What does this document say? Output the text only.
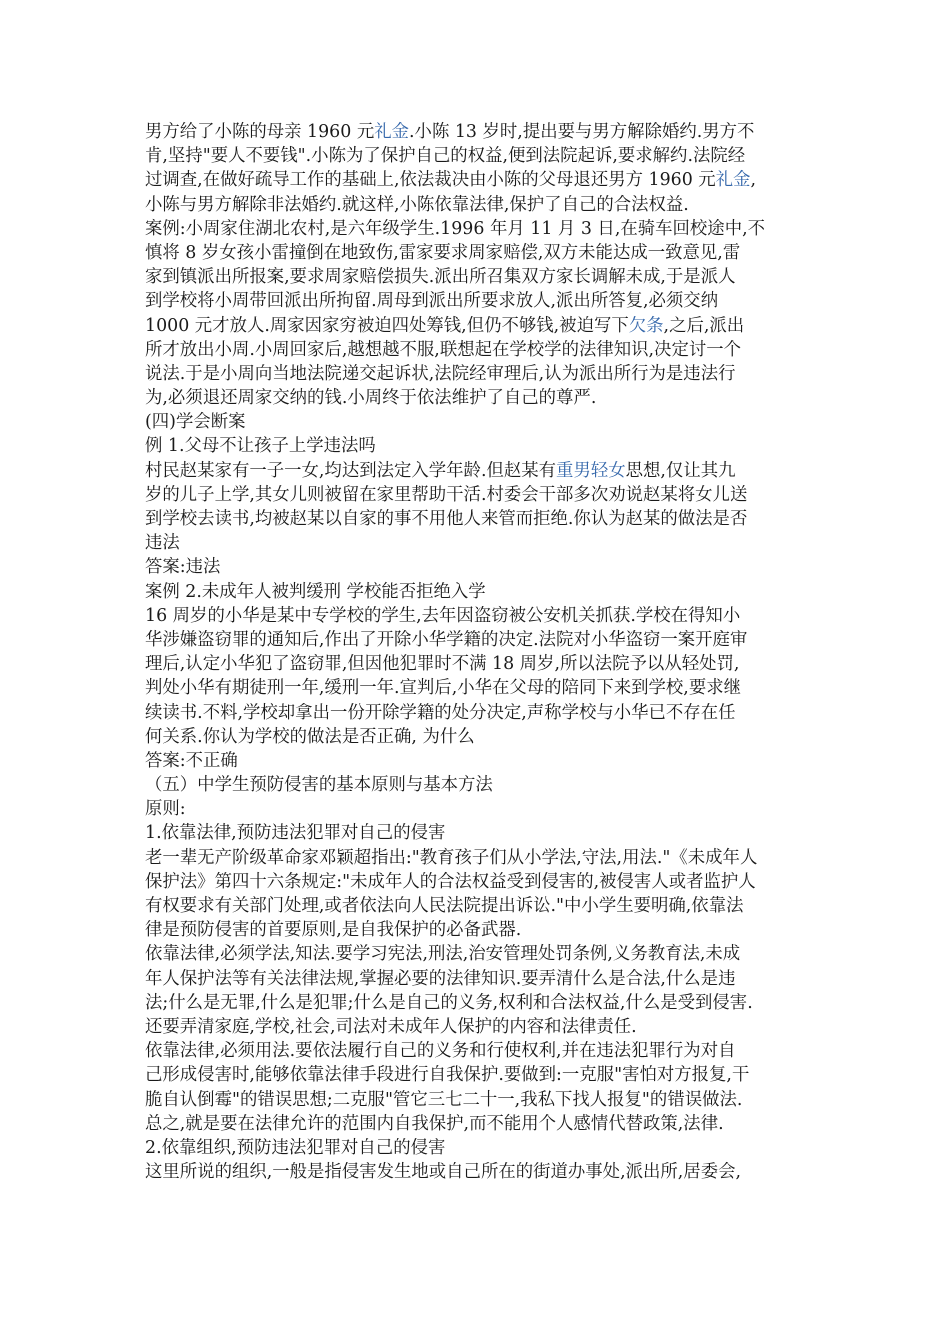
男方给了小陈的母亲 1960 元礼金.小陈 13 岁时,提出要与男方解除婚约.男方不
肯,坚持"要人不要钱".小陈为了保护自己的权益,便到法院起诉,要求解约.法院经
过调查,在做好疏导工作的基础上,依法裁决由小陈的父母退还男方 1960 元礼金,
小陈与男方解除非法婚约.就这样,小陈依靠法律,保护了自己的合法权益.
案例:小周家住湖北农村,是六年级学生.1996 年月 11 月 3 日,在骑车回校途中,不
慎将 8 岁女孩小雷撞倒在地致伤,雷家要求周家赔偿,双方未能达成一致意见,雷
家到镇派出所报案,要求周家赔偿损失.派出所召集双方家长调解未成,于是派人
到学校将小周带回派出所拘留.周母到派出所要求放人,派出所答复,必须交纳
1000 元才放人.周家因家穷被迫四处筹钱,但仍不够钱,被迫写下欠条,之后,派出
所才放出小周.小周回家后,越想越不服,联想起在学校学的法律知识,决定讨一个
说法.于是小周向当地法院递交起诉状,法院经审理后,认为派出所行为是违法行
为,必须退还周家交纳的钱.小周终于依法维护了自己的尊严.
(四)学会断案
例 1.父母不让孩子上学违法吗
村民赵某家有一子一女,均达到法定入学年龄.但赵某有重男轻女思想,仅让其九
岁的儿子上学,其女儿则被留在家里帮助干活.村委会干部多次劝说赵某将女儿送
到学校去读书,均被赵某以自家的事不用他人来管而拒绝.你认为赵某的做法是否
违法
答案:违法
案例 2.未成年人被判缓刑 学校能否拒绝入学
16 周岁的小华是某中专学校的学生,去年因盗窃被公安机关抓获.学校在得知小
华涉嫌盗窃罪的通知后,作出了开除小华学籍的决定.法院对小华盗窃一案开庭审
理后,认定小华犯了盗窃罪,但因他犯罪时不满 18 周岁,所以法院予以从轻处罚,
判处小华有期徒刑一年,缓刑一年.宣判后,小华在父母的陪同下来到学校,要求继
续读书.不料,学校却拿出一份开除学籍的处分决定,声称学校与小华已不存在任
何关系.你认为学校的做法是否正确, 为什么
答案:不正确
（五）中学生预防侵害的基本原则与基本方法
原则:
1.依靠法律,预防违法犯罪对自己的侵害
老一辈无产阶级革命家邓颖超指出:"教育孩子们从小学法,守法,用法."《未成年人
保护法》第四十六条规定:"未成年人的合法权益受到侵害的,被侵害人或者监护人
有权要求有关部门处理,或者依法向人民法院提出诉讼."中小学生要明确,依靠法
律是预防侵害的首要原则,是自我保护的必备武器.
依靠法律,必须学法,知法.要学习宪法,刑法,治安管理处罚条例,义务教育法,未成
年人保护法等有关法律法规,掌握必要的法律知识.要弄清什么是合法,什么是违
法;什么是无罪,什么是犯罪;什么是自己的义务,权利和合法权益,什么是受到侵害.
还要弄清家庭,学校,社会,司法对未成年人保护的内容和法律责任.
依靠法律,必须用法.要依法履行自己的义务和行使权利,并在违法犯罪行为对自
己形成侵害时,能够依靠法律手段进行自我保护.要做到:一克服"害怕对方报复,干
脆自认倒霉"的错误思想;二克服"管它三七二十一,我私下找人报复"的错误做法.
总之,就是要在法律允许的范围内自我保护,而不能用个人感情代替政策,法律.
2.依靠组织,预防违法犯罪对自己的侵害
这里所说的组织,一般是指侵害发生地或自己所在的街道办事处,派出所,居委会,
